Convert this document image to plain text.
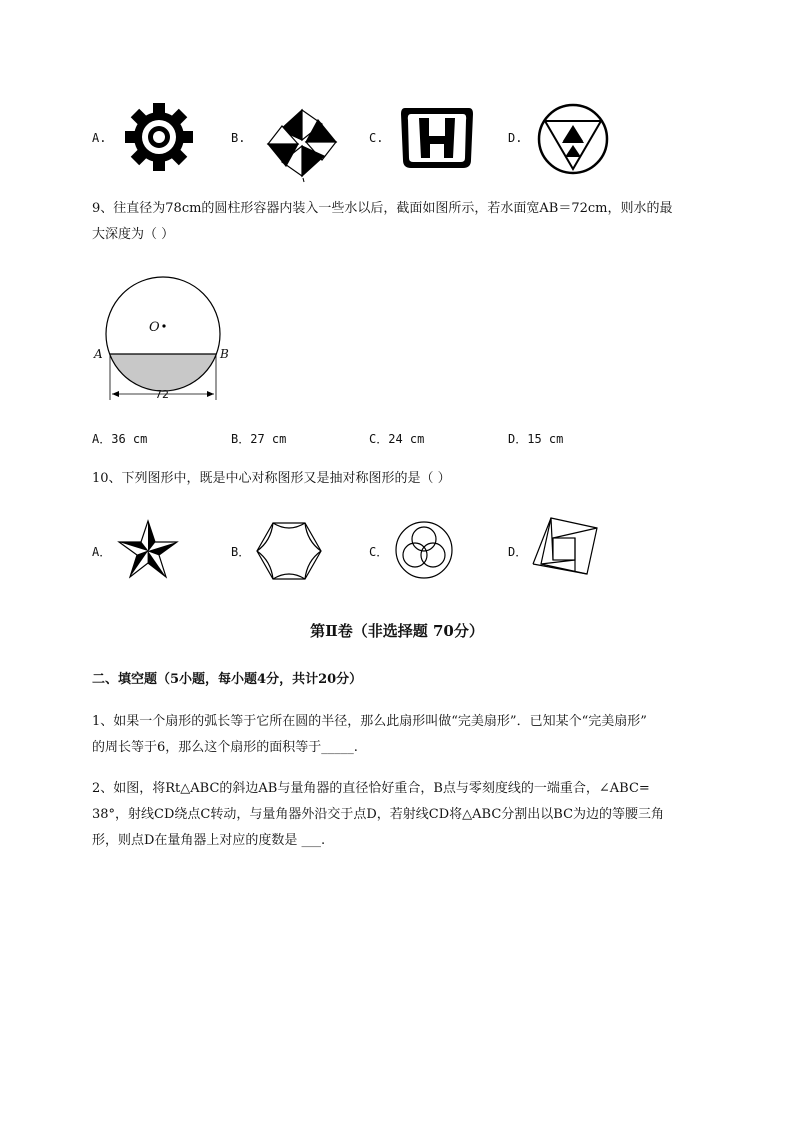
A.	B.	C.	D.
9、往直径为78cm的圆柱形容器内装入一些水以后，截面如图所示，若水面宽AB＝72cm，则水的最
大深度为（ ）
O
A	B
72
A．36 cm	B．27 cm	C．24 cm	D．15 cm
10、下列图形中，既是中心对称图形又是抽对称图形的是（ ）
A．	B．	C．	D．
第Ⅱ卷（非选择题 70分）
二、填空题（5小题，每小题4分，共计20分）
1、如果一个扇形的弧长等于它所在圆的半径，那么此扇形叫做“完美扇形”．已知某个“完美扇形”
的周长等于6，那么这个扇形的面积等于_____.
2、如图，将Rt△ABC的斜边AB与量角器的直径恰好重合，B点与零刻度线的一端重合，∠ABC=
38°，射线CD绕点C转动，与量角器外沿交于点D，若射线CD将△ABC分割出以BC为边的等腰三角
形，则点D在量角器上对应的度数是 ___.
